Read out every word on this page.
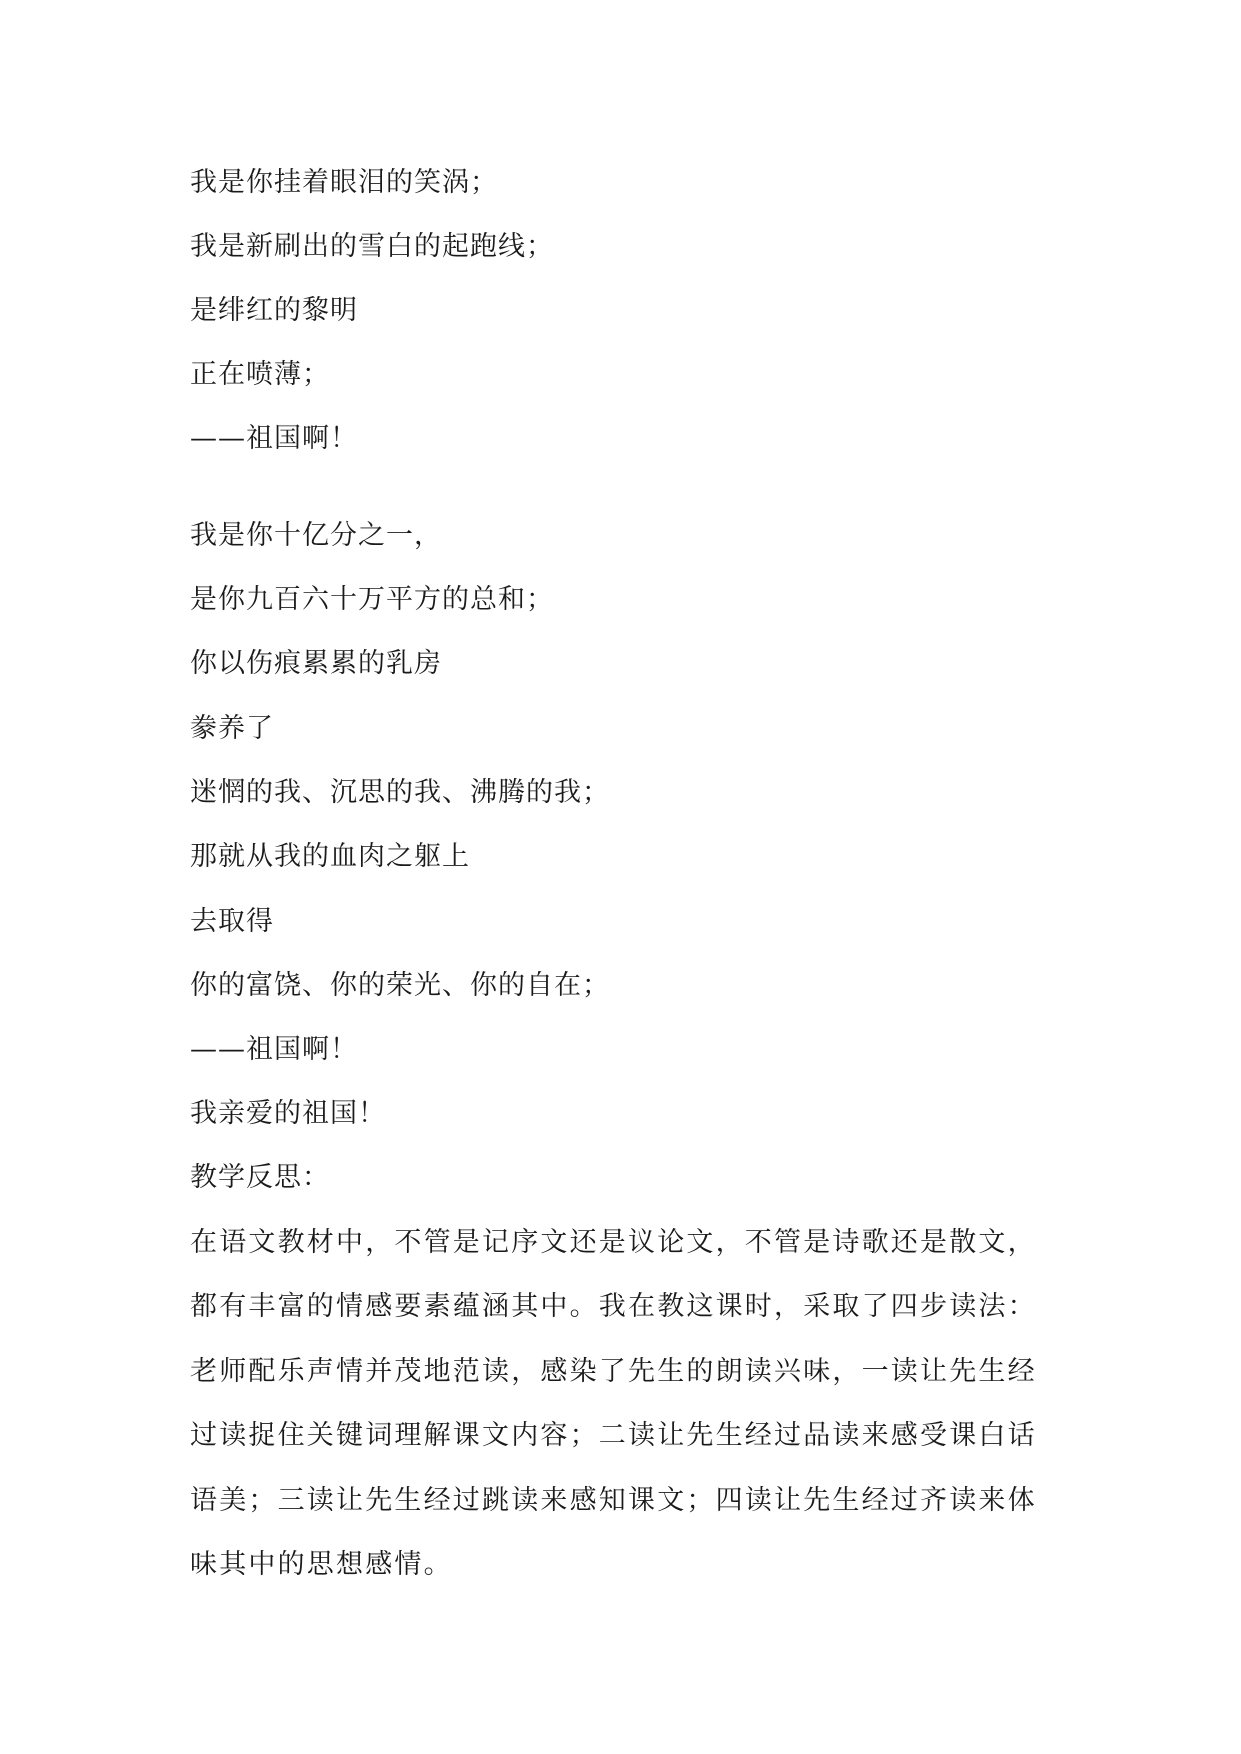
我是你挂着眼泪的笑涡；
我是新刷出的雪白的起跑线；
是绯红的黎明
正在喷薄；
——祖国啊！
我是你十亿分之一，
是你九百六十万平方的总和；
你以伤痕累累的乳房
豢养了
迷惘的我、沉思的我、沸腾的我；
那就从我的血肉之躯上
去取得
你的富饶、你的荣光、你的自在；
——祖国啊！
我亲爱的祖国！
教学反思：
在语文教材中，不管是记序文还是议论文，不管是诗歌还是散文，
都有丰富的情感要素蕴涵其中。我在教这课时，采取了四步读法：
老师配乐声情并茂地范读，感染了先生的朗读兴味，一读让先生经
过读捉住关键词理解课文内容；二读让先生经过品读来感受课白话
语美；三读让先生经过跳读来感知课文；四读让先生经过齐读来体
味其中的思想感情。
